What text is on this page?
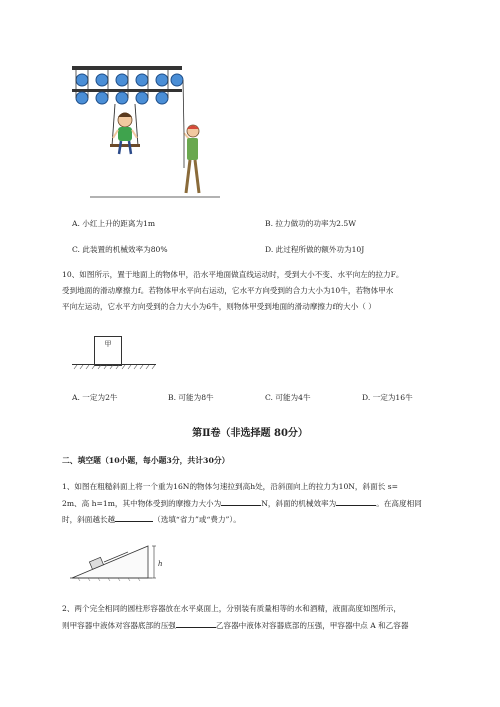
A. 小红上升的距离为1m	B. 拉力做功的功率为2.5W
C. 此装置的机械效率为80%	D. 此过程所做的额外功为10J
10、如图所示，置于地面上的物体甲，沿水平地面做直线运动时，受到大小不变、水平向左的拉力F。
受到地面的滑动摩擦力f。若物体甲水平向右运动，它水平方向受到的合力大小为10牛，若物体甲水
平向左运动，它水平方向受到的合力大小为6牛，则物体甲受到地面的滑动摩擦力f的大小（ ）
甲
A. 一定为2牛	B. 可能为8牛	C. 可能为4牛	D. 一定为16牛
第Ⅱ卷（非选择题 80分）
二、填空题（10小题，每小题3分，共计30分）
1、如图在粗糙斜面上将一个重为16N的物体匀速拉到高h处，沿斜面向上的拉力为10N，斜面长 s=
2m、高 h=1m，其中物体受到的摩擦力大小为	N，斜面的机械效率为	。在高度相同
时，斜面越长越	（选填“省力”或“费力”）。
h
2、两个完全相同的圆柱形容器放在水平桌面上，分别装有质量相等的水和酒精，液面高度如图所示，
则甲容器中液体对容器底部的压强	乙容器中液体对容器底部的压强，甲容器中点 A 和乙容器
